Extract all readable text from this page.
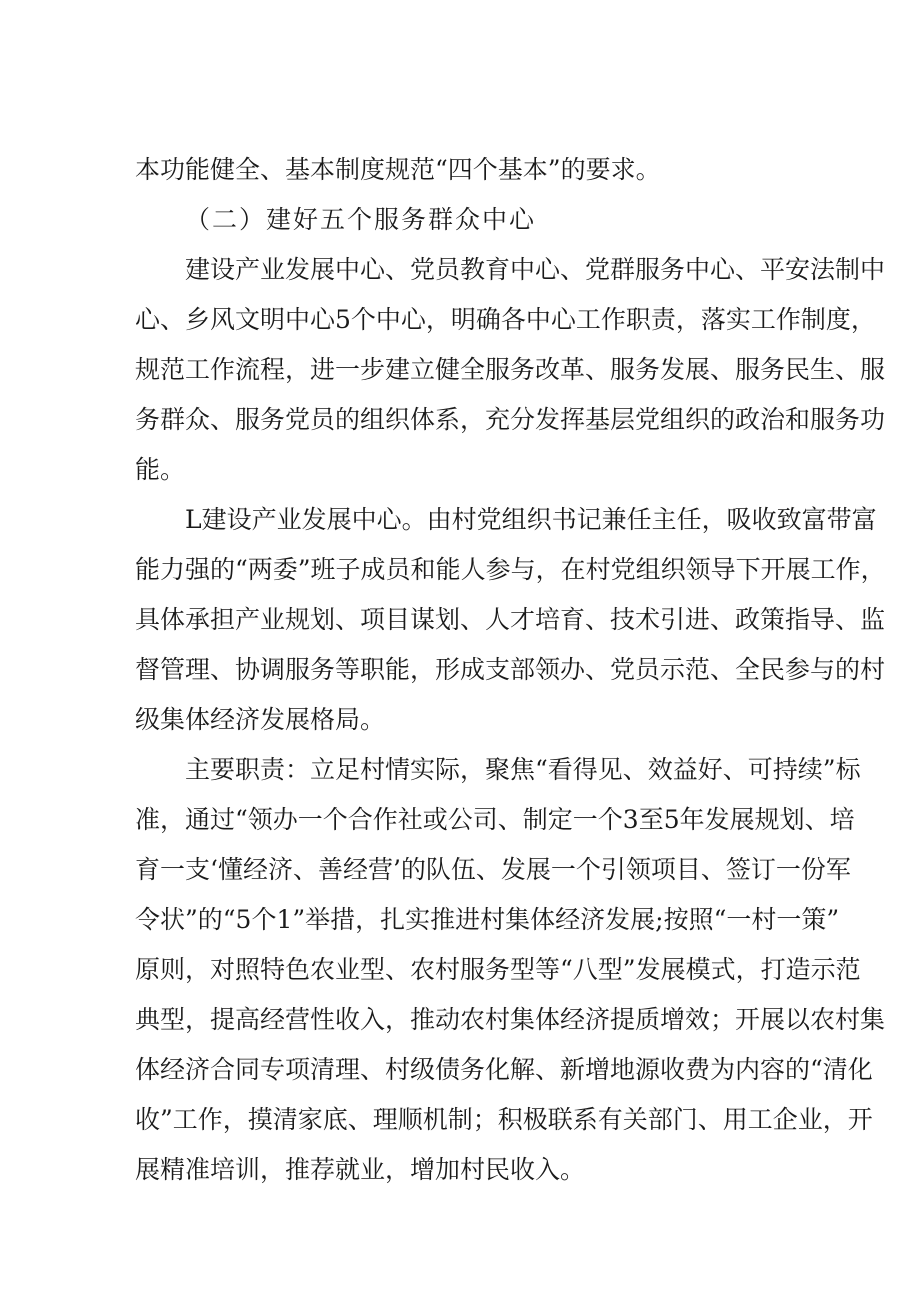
本功能健全、基本制度规范“四个基本”的要求。
（二）建好五个服务群众中心
建设产业发展中心、党员教育中心、党群服务中心、平安法制中
心、乡风文明中心5个中心，明确各中心工作职责，落实工作制度，
规范工作流程，进一步建立健全服务改革、服务发展、服务民生、服
务群众、服务党员的组织体系，充分发挥基层党组织的政治和服务功
能。
L建设产业发展中心。由村党组织书记兼任主任，吸收致富带富
能力强的“两委”班子成员和能人参与，在村党组织领导下开展工作，
具体承担产业规划、项目谋划、人才培育、技术引进、政策指导、监
督管理、协调服务等职能，形成支部领办、党员示范、全民参与的村
级集体经济发展格局。
主要职责：立足村情实际，聚焦“看得见、效益好、可持续”标
准，通过“领办一个合作社或公司、制定一个3至5年发展规划、培
育一支‘懂经济、善经营’的队伍、发展一个引领项目、签订一份军
令状”的“5个1”举措，扎实推进村集体经济发展;按照“一村一策”
原则，对照特色农业型、农村服务型等“八型”发展模式，打造示范
典型，提高经营性收入，推动农村集体经济提质增效；开展以农村集
体经济合同专项清理、村级债务化解、新增地源收费为内容的“清化
收”工作，摸清家底、理顺机制；积极联系有关部门、用工企业，开
展精准培训，推荐就业，增加村民收入。
